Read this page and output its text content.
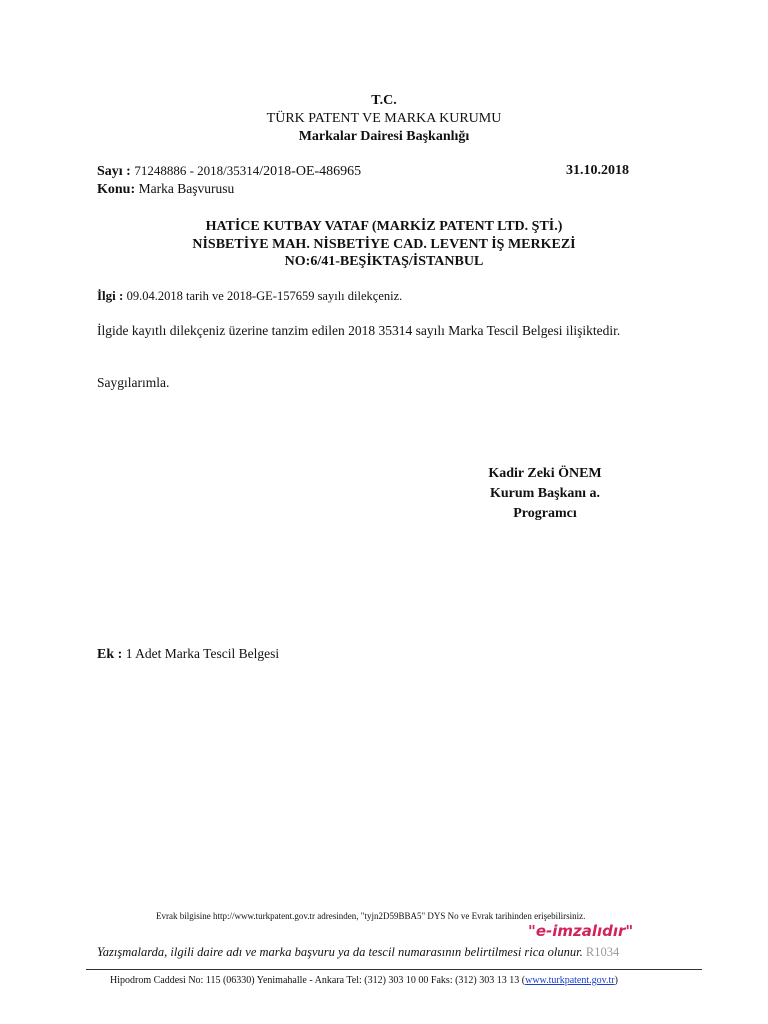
T.C.
TÜRK PATENT VE MARKA KURUMU
Markalar Dairesi Başkanlığı
Sayı : 71248886 - 2018/35314/2018-OE-486965	31.10.2018
Konu: Marka Başvurusu
HATİCE KUTBAY VATAF (MARKİZ PATENT LTD. ŞTİ.)
NİSBETİYE MAH. NİSBETİYE CAD. LEVENT İŞ MERKEZİ
NO:6/41-BEŞİKTAŞ/İSTANBUL
İlgi : 09.04.2018 tarih ve 2018-GE-157659 sayılı dilekçeniz.
İlgide kayıtlı dilekçeniz üzerine tanzim edilen 2018 35314 sayılı Marka Tescil Belgesi ilişiktedir.
Saygılarımla.
Kadir Zeki ÖNEM
Kurum Başkanı a.
Programcı
Ek : 1 Adet Marka Tescil Belgesi
Evrak bilgisine http://www.turkpatent.gov.tr adresinden, "tyjn2D59BBA5" DYS No ve Evrak tarihinden erişebilirsiniz.
"e-imzalıdır"
Yazışmalarda, ilgili daire adı ve marka başvuru ya da tescil numarasının belirtilmesi rica olunur. R1034
Hipodrom Caddesi No: 115 (06330) Yenimahalle - Ankara Tel: (312) 303 10 00 Faks: (312) 303 13 13 (www.turkpatent.gov.tr)
